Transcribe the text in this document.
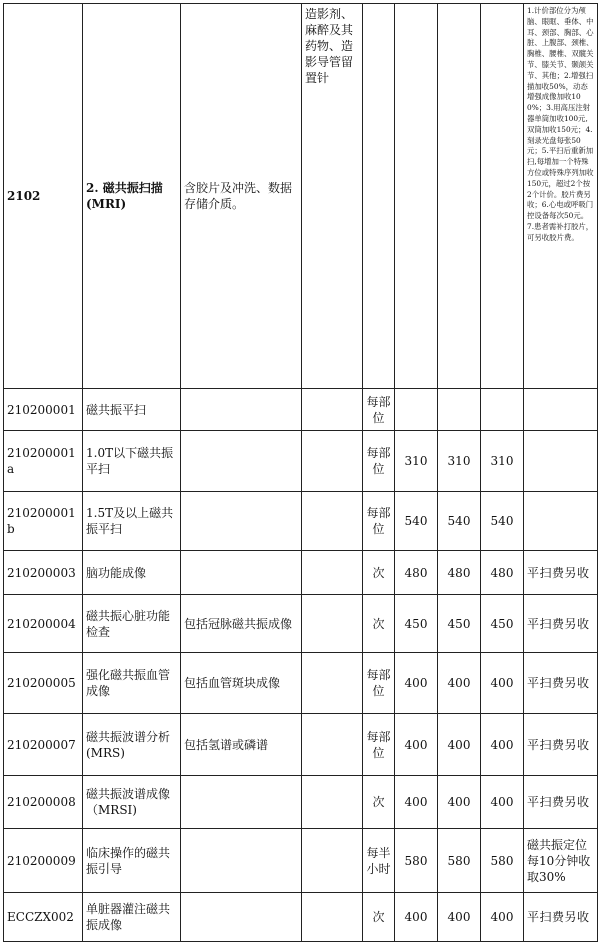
2102	2. 磁共振扫描(MRI)	含胶片及冲洗、数据存储介质。	造影剂、麻醉及其药物、造影导管留置针					1.计价部位分为颅脑、眼眶、垂体、中耳、颈部、胸部、心脏、上腹部、颈椎、胸椎、腰椎、双髋关节、膝关节、颞颌关节、其他；2.增强扫描加收50%，动态增强成像加收100%；3.用高压注射器单筒加收100元,双筒加收150元；4.刻录光盘每张50元；5.平扫后重新加扫,每增加一个特殊方位或特殊序列加收150元，超过2个按2个计价。胶片费另收；6.心电或呼吸门控设备每次50元。7.患者需补打胶片，可另收胶片费。
210200001	磁共振平扫			每部位				
210200001a	1.0T以下磁共振平扫			每部位	310	310	310	
210200001b	1.5T及以上磁共振平扫			每部位	540	540	540	
210200003	脑功能成像			次	480	480	480	平扫费另收
210200004	磁共振心脏功能检查	包括冠脉磁共振成像		次	450	450	450	平扫费另收
210200005	强化磁共振血管成像	包括血管斑块成像		每部位	400	400	400	平扫费另收
210200007	磁共振波谱分析(MRS)	包括氢谱或磷谱		每部位	400	400	400	平扫费另收
210200008	磁共振波谱成像（MRSI)			次	400	400	400	平扫费另收
210200009	临床操作的磁共振引导			每半小时	580	580	580	磁共振定位每10分钟收取30%
ECCZX002	单脏器灌注磁共振成像			次	400	400	400	平扫费另收
